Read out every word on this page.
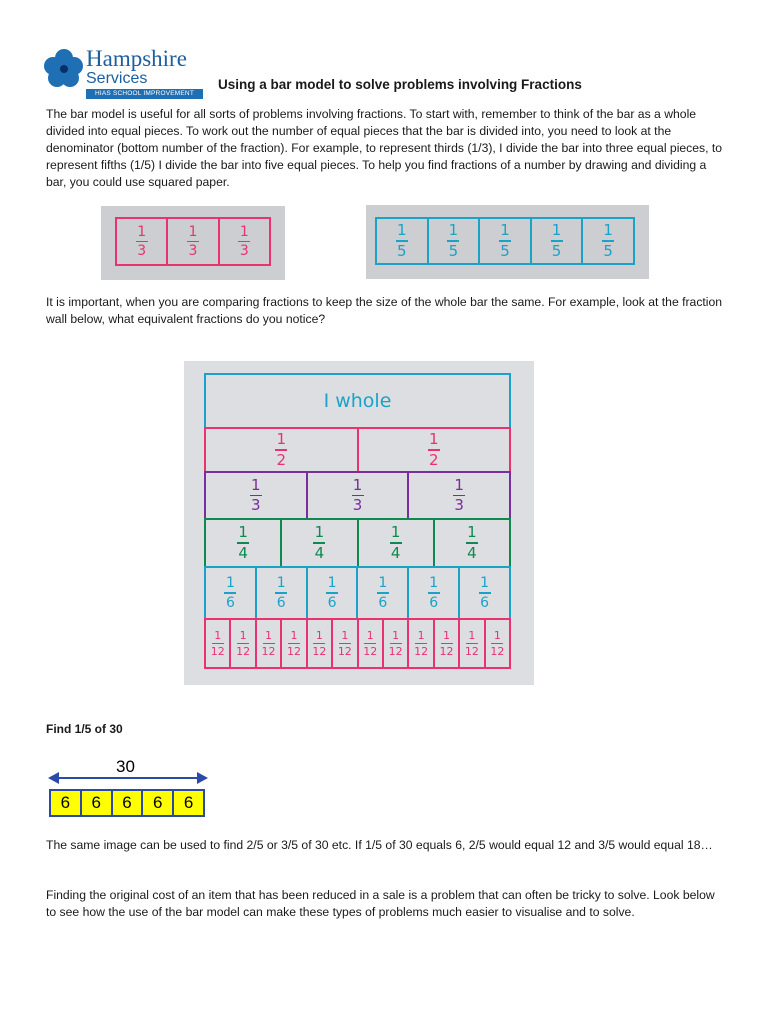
Hampshire
Services
HIAS SCHOOL IMPROVEMENT
Using a bar model to solve problems involving Fractions
The bar model is useful for all sorts of problems involving fractions. To start with, remember to think of the bar as a whole divided into equal pieces. To work out the number of equal pieces that the bar is divided into, you need to look at the denominator (bottom number of the fraction). For example, to represent thirds (1/3), I divide the bar into three equal pieces, to represent fifths (1/5) I divide the bar into five equal pieces. To help you find fractions of a number by drawing and dividing a bar, you could use squared paper.
$\frac{1}{3}$	$\frac{1}{3}$	$\frac{1}{3}$	$\frac{1}{5}$	$\frac{1}{5}$	$\frac{1}{5}$	$\frac{1}{5}$	$\frac{1}{5}$
It is important, when you are comparing fractions to keep the size of the whole bar the same. For example, look at the fraction wall below, what equivalent fractions do you notice?
I whole
$\frac{1}{2}$	$\frac{1}{2}$
$\frac{1}{3}$	$\frac{1}{3}$	$\frac{1}{3}$
$\frac{1}{4}$	$\frac{1}{4}$	$\frac{1}{4}$	$\frac{1}{4}$
$\frac{1}{6}$	$\frac{1}{6}$	$\frac{1}{6}$	$\frac{1}{6}$	$\frac{1}{6}$	$\frac{1}{6}$
$\frac{1}{12} \frac{1}{12} \frac{1}{12} \frac{1}{12} \frac{1}{12} \frac{1}{12} \frac{1}{12} \frac{1}{12} \frac{1}{12} \frac{1}{12} \frac{1}{12} \frac{1}{12}$
Find 1/5 of 30
30
6	6	6	6	6
The same image can be used to find 2/5 or 3/5 of 30 etc. If 1/5 of 30 equals 6, 2/5 would equal 12 and 3/5 would equal 18…
Finding the original cost of an item that has been reduced in a sale is a problem that can often be tricky to solve. Look below to see how the use of the bar model can make these types of problems much easier to visualise and to solve.
